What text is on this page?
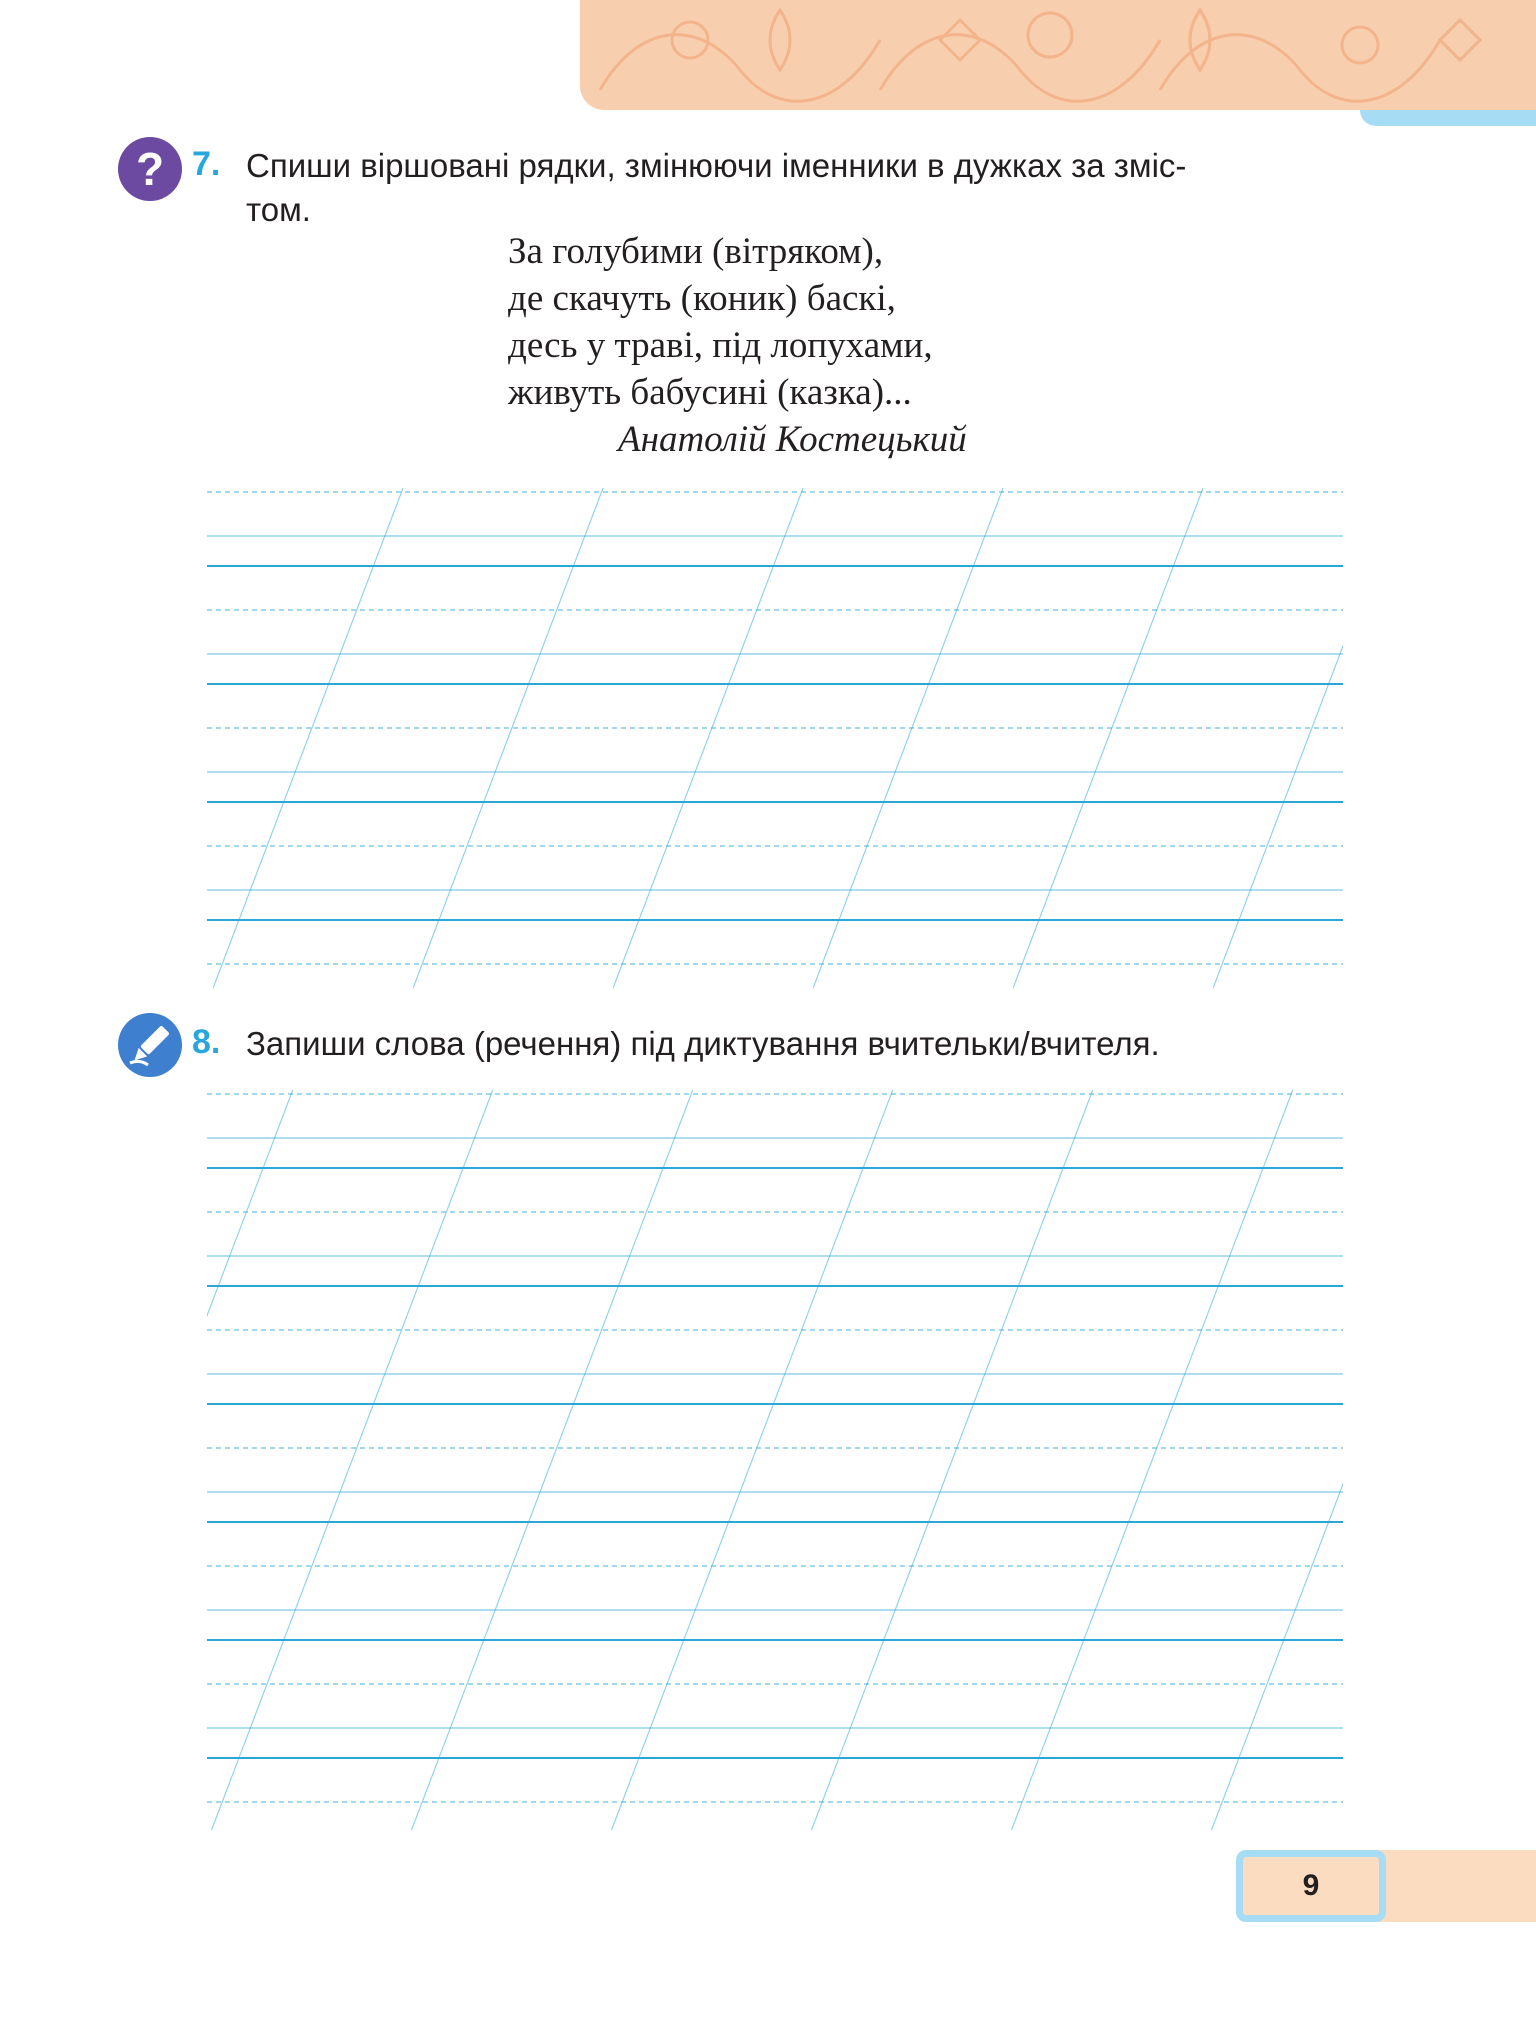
? 7. Спиши віршовані рядки, змінюючи іменники в дужках за зміс-
том.

За голубими (вітряком),
де скачуть (коник) баскі,
десь у траві, під лопухами,
живуть бабусині (казка)...
Анатолій Костецький
8. Запиши слова (речення) під диктування вчительки/вчителя.

9
